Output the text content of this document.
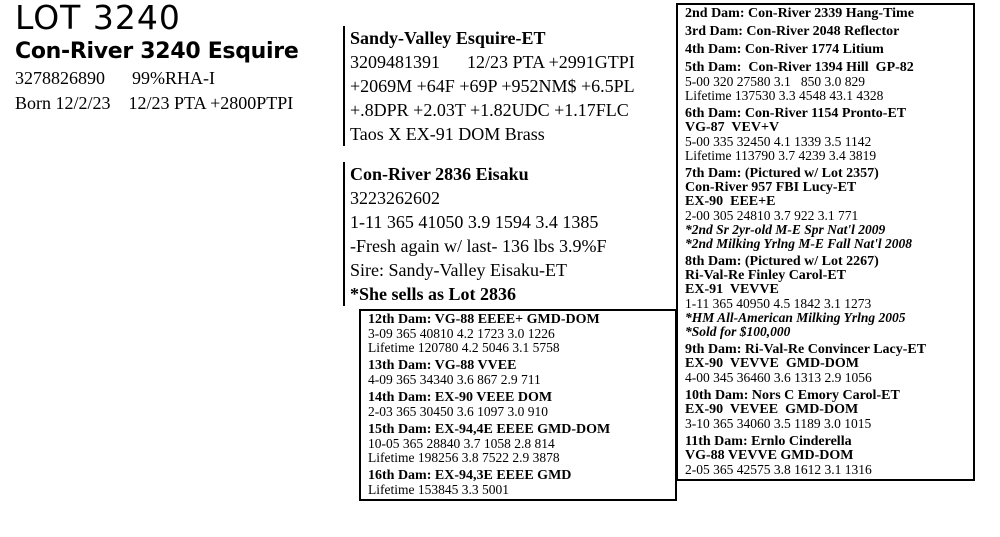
LOT 3240
Con-River 3240 Esquire
3278826890      99%RHA-I
Born 12/2/23    12/23 PTA +2800PTPI
Sandy-Valley Esquire-ET
3209481391      12/23 PTA +2991GTPI
+2069M +64F +69P +952NM$ +6.5PL
+.8DPR +2.03T +1.82UDC +1.17FLC
Taos X EX-91 DOM Brass
Con-River 2836 Eisaku
3223262602
1-11 365 41050 3.9 1594 3.4 1385
-Fresh again w/ last- 136 lbs 3.9%F
Sire: Sandy-Valley Eisaku-ET
*She sells as Lot 2836
12th Dam: VG-88 EEEE+ GMD-DOM
3-09 365 40810 4.2 1723 3.0 1226
Lifetime 120780 4.2 5046 3.1 5758
13th Dam: VG-88 VVEE
4-09 365 34340 3.6 867 2.9 711
14th Dam: EX-90 VEEE DOM
2-03 365 30450 3.6 1097 3.0 910
15th Dam: EX-94,4E EEEE GMD-DOM
10-05 365 28840 3.7 1058 2.8 814
Lifetime 198256 3.8 7522 2.9 3878
16th Dam: EX-94,3E EEEE GMD
Lifetime 153845 3.3 5001
2nd Dam: Con-River 2339 Hang-Time
3rd Dam: Con-River 2048 Reflector
4th Dam: Con-River 1774 Litium
5th Dam:  Con-River 1394 Hill  GP-82
5-00 320 27580 3.1   850 3.0 829
Lifetime 137530 3.3 4548 43.1 4328
6th Dam: Con-River 1154 Pronto-ET
VG-87  VEV+V
5-00 335 32450 4.1 1339 3.5 1142
Lifetime 113790 3.7 4239 3.4 3819
7th Dam: (Pictured w/ Lot 2357)
Con-River 957 FBI Lucy-ET
EX-90  EEE+E
2-00 305 24810 3.7 922 3.1 771
*2nd Sr 2yr-old M-E Spr Nat'l 2009
*2nd Milking Yrlng M-E Fall Nat'l 2008
8th Dam: (Pictured w/ Lot 2267)
Ri-Val-Re Finley Carol-ET
EX-91  VEVVE
1-11 365 40950 4.5 1842 3.1 1273
*HM All-American Milking Yrlng 2005
*Sold for $100,000
9th Dam: Ri-Val-Re Convincer Lacy-ET
EX-90  VEVVE  GMD-DOM
4-00 345 36460 3.6 1313 2.9 1056
10th Dam: Nors C Emory Carol-ET
EX-90  VEVEE  GMD-DOM
3-10 365 34060 3.5 1189 3.0 1015
11th Dam: Ernlo Cinderella
VG-88 VEVVE GMD-DOM
2-05 365 42575 3.8 1612 3.1 1316
